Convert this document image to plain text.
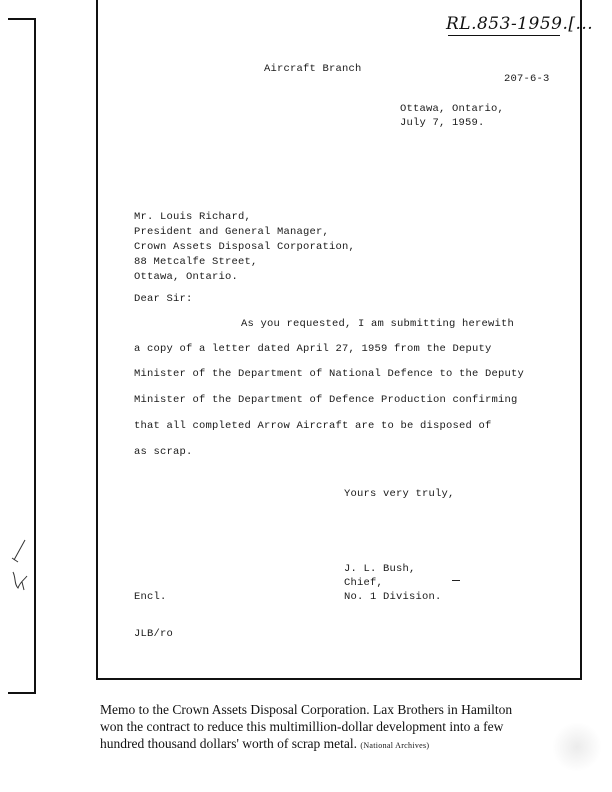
RL.853-1959.[...
Aircraft Branch
207-6-3
Ottawa, Ontario,
July 7, 1959.
Mr. Louis Richard,
President and General Manager,
Crown Assets Disposal Corporation,
88 Metcalfe Street,
Ottawa, Ontario.
Dear Sir:
As you requested, I am submitting herewith
a copy of a letter dated April 27, 1959 from the Deputy
Minister of the Department of National Defence to the Deputy
Minister of the Department of Defence Production confirming
that all completed Arrow Aircraft are to be disposed of
as scrap.
Yours very truly,
J. L. Bush,
Chief,
No. 1 Division.
Encl.
JLB/ro
Memo to the Crown Assets Disposal Corporation. Lax Brothers in Hamilton
won the contract to reduce this multimillion-dollar development into a few
hundred thousand dollars' worth of scrap metal. (National Archives)
